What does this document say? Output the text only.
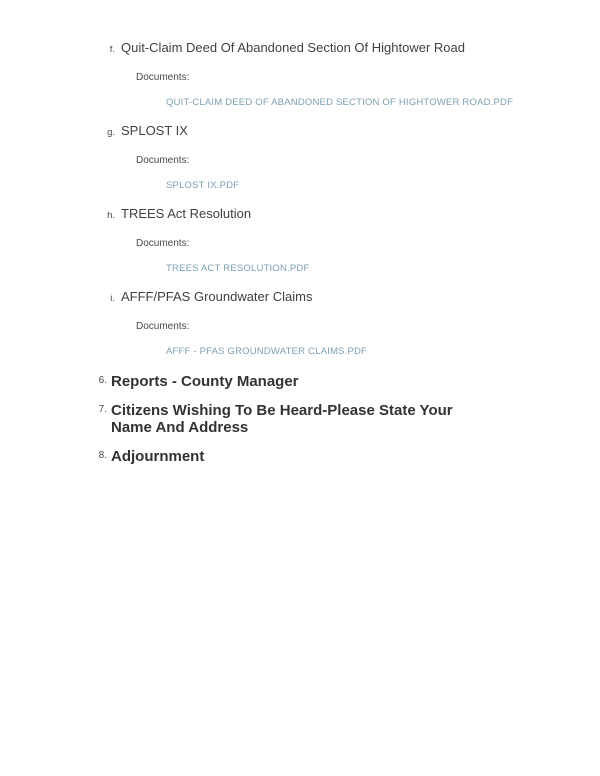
f. Quit-Claim Deed Of Abandoned Section Of Hightower Road
Documents:
QUIT-CLAIM DEED OF ABANDONED SECTION OF HIGHTOWER ROAD.PDF
g. SPLOST IX
Documents:
SPLOST IX.PDF
h. TREES Act Resolution
Documents:
TREES ACT RESOLUTION.PDF
i. AFFF/PFAS Groundwater Claims
Documents:
AFFF - PFAS GROUNDWATER CLAIMS.PDF
6. Reports - County Manager
7. Citizens Wishing To Be Heard-Please State Your Name And Address
8. Adjournment
